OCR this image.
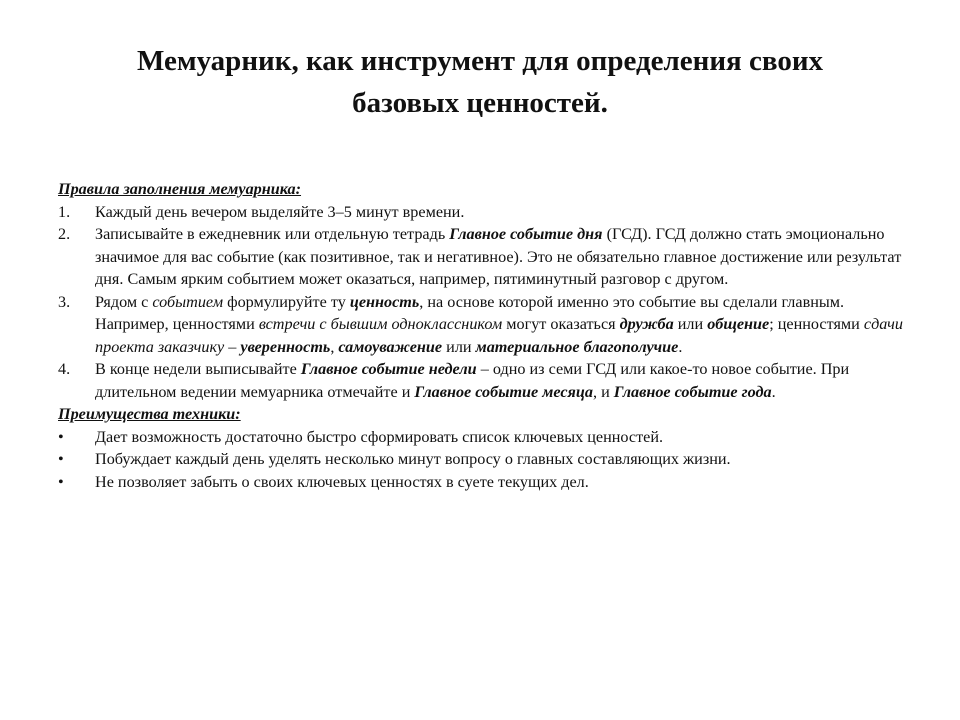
Мемуарник, как инструмент для определения своих
базовых ценностей.
Правила заполнения мемуарника:
1. Каждый день вечером выделяйте 3–5 минут времени.
2. Записывайте в ежедневник или отдельную тетрадь Главное событие дня (ГСД). ГСД должно стать эмоционально значимое для вас событие (как позитивное, так и негативное). Это не обязательно главное достижение или результат дня. Самым ярким событием может оказаться, например, пятиминутный разговор с другом.
3. Рядом с событием формулируйте ту ценность, на основе которой именно это событие вы сделали главным. Например, ценностями встречи с бывшим одноклассником могут оказаться дружба или общение; ценностями сдачи проекта заказчику – уверенность, самоуважение или материальное благополучие.
4. В конце недели выписывайте Главное событие недели – одно из семи ГСД или какое-то новое событие. При длительном ведении мемуарника отмечайте и Главное событие месяца, и Главное событие года.
Преимущества техники:
• Дает возможность достаточно быстро сформировать список ключевых ценностей.
• Побуждает каждый день уделять несколько минут вопросу о главных составляющих жизни.
• Не позволяет забыть о своих ключевых ценностях в суете текущих дел.
